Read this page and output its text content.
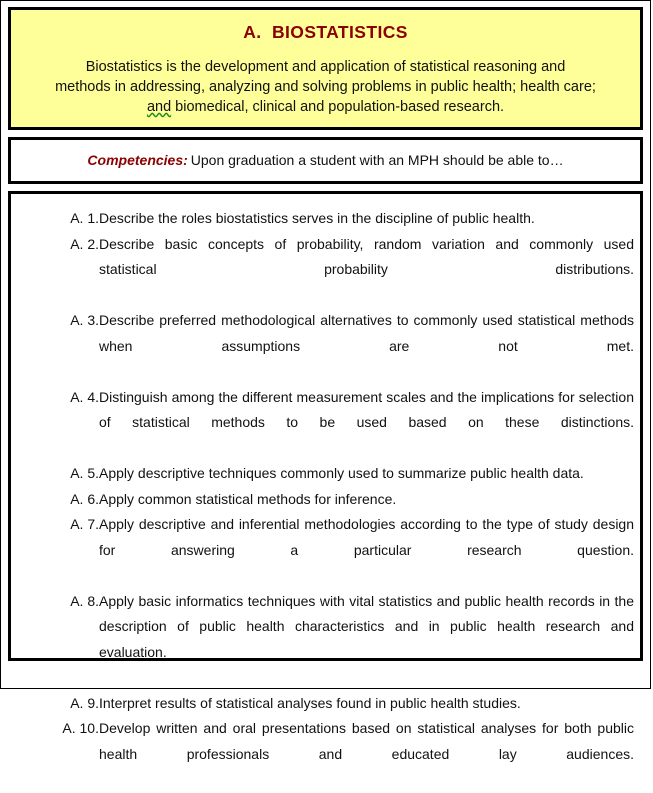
A.  BIOSTATISTICS
Biostatistics is the development and application of statistical reasoning and
methods in addressing, analyzing and solving problems in public health; health care;
and biomedical, clinical and population-based research.
Competencies: Upon graduation a student with an MPH should be able to…
A. 1.	Describe the roles biostatistics serves in the discipline of public health.
A. 2.	Describe basic concepts of probability, random variation and commonly used statistical probability distributions.
A. 3.	Describe preferred methodological alternatives to commonly used statistical methods when assumptions are not met.
A. 4.	Distinguish among the different measurement scales and the implications for selection of statistical methods to be used based on these distinctions.
A. 5.	Apply descriptive techniques commonly used to summarize public health data.
A. 6.	Apply common statistical methods for inference.
A. 7.	Apply descriptive and inferential methodologies according to the type of study design for answering a particular research question.
A. 8.	Apply basic informatics techniques with vital statistics and public health records in the description of public health characteristics and in public health research and evaluation.
A. 9.	Interpret results of statistical analyses found in public health studies.
A. 10.	Develop written and oral presentations based on statistical analyses for both public health professionals and educated lay audiences.
